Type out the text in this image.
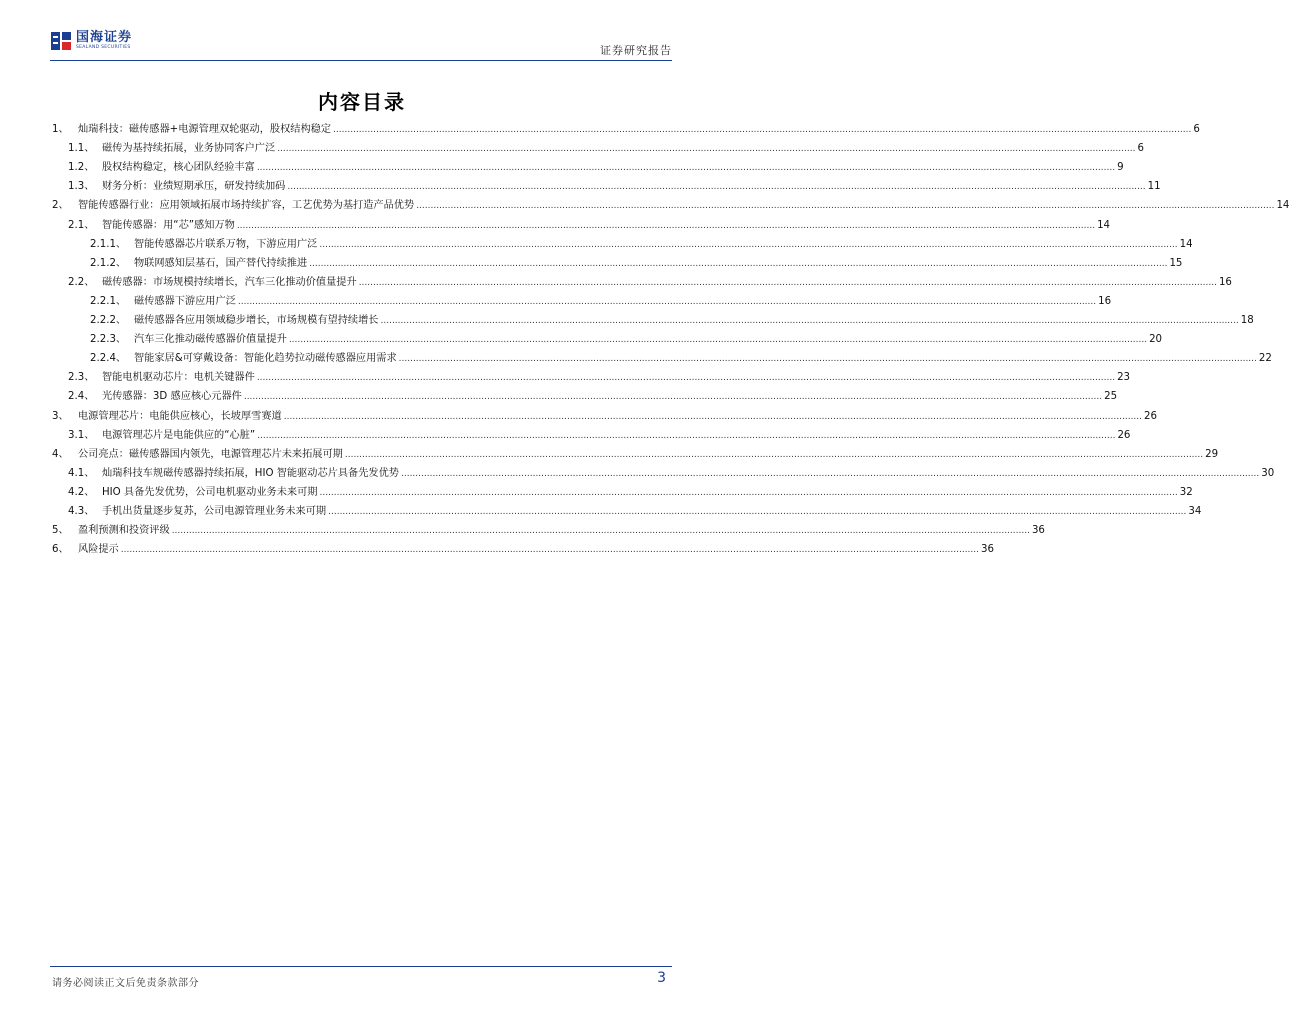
国海证券
SEALAND SECURITIES	证券研究报告
内容目录
1、 灿瑞科技：磁传感器+电源管理双轮驱动，股权结构稳定 ............................................................................................................................................................................................................................................................................................................ 6
1.1、 磁传为基持续拓展，业务协同客户广泛 ............................................................................................................................................................................................................................................................................................................ 6
1.2、 股权结构稳定，核心团队经验丰富 ............................................................................................................................................................................................................................................................................................................ 9
1.3、 财务分析：业绩短期承压，研发持续加码 ............................................................................................................................................................................................................................................................................................................ 11
2、 智能传感器行业：应用领域拓展市场持续扩容，工艺优势为基打造产品优势 ............................................................................................................................................................................................................................................................................................................ 14
2.1、 智能传感器：用“芯”感知万物 ............................................................................................................................................................................................................................................................................................................ 14
2.1.1、 智能传感器芯片联系万物，下游应用广泛 ............................................................................................................................................................................................................................................................................................................ 14
2.1.2、 物联网感知层基石，国产替代持续推进 ............................................................................................................................................................................................................................................................................................................ 15
2.2、 磁传感器：市场规模持续增长，汽车三化推动价值量提升 ............................................................................................................................................................................................................................................................................................................ 16
2.2.1、 磁传感器下游应用广泛 ............................................................................................................................................................................................................................................................................................................ 16
2.2.2、 磁传感器各应用领域稳步增长，市场规模有望持续增长 ............................................................................................................................................................................................................................................................................................................ 18
2.2.3、 汽车三化推动磁传感器价值量提升 ............................................................................................................................................................................................................................................................................................................ 20
2.2.4、 智能家居&可穿戴设备：智能化趋势拉动磁传感器应用需求 ............................................................................................................................................................................................................................................................................................................ 22
2.3、 智能电机驱动芯片：电机关键器件 ............................................................................................................................................................................................................................................................................................................ 23
2.4、 光传感器：3D 感应核心元器件 ............................................................................................................................................................................................................................................................................................................ 25
3、 电源管理芯片：电能供应核心，长坡厚雪赛道 ............................................................................................................................................................................................................................................................................................................ 26
3.1、 电源管理芯片是电能供应的“心脏” ............................................................................................................................................................................................................................................................................................................ 26
4、 公司亮点：磁传感器国内领先，电源管理芯片未来拓展可期 ............................................................................................................................................................................................................................................................................................................ 29
4.1、 灿瑞科技车规磁传感器持续拓展，HIO 智能驱动芯片具备先发优势 ............................................................................................................................................................................................................................................................................................................ 30
4.2、 HIO 具备先发优势，公司电机驱动业务未来可期 ............................................................................................................................................................................................................................................................................................................ 32
4.3、 手机出货量逐步复苏，公司电源管理业务未来可期 ............................................................................................................................................................................................................................................................................................................ 34
5、 盈利预测和投资评级 ............................................................................................................................................................................................................................................................................................................ 36
6、 风险提示 ............................................................................................................................................................................................................................................................................................................ 36
请务必阅读正文后免责条款部分	3
